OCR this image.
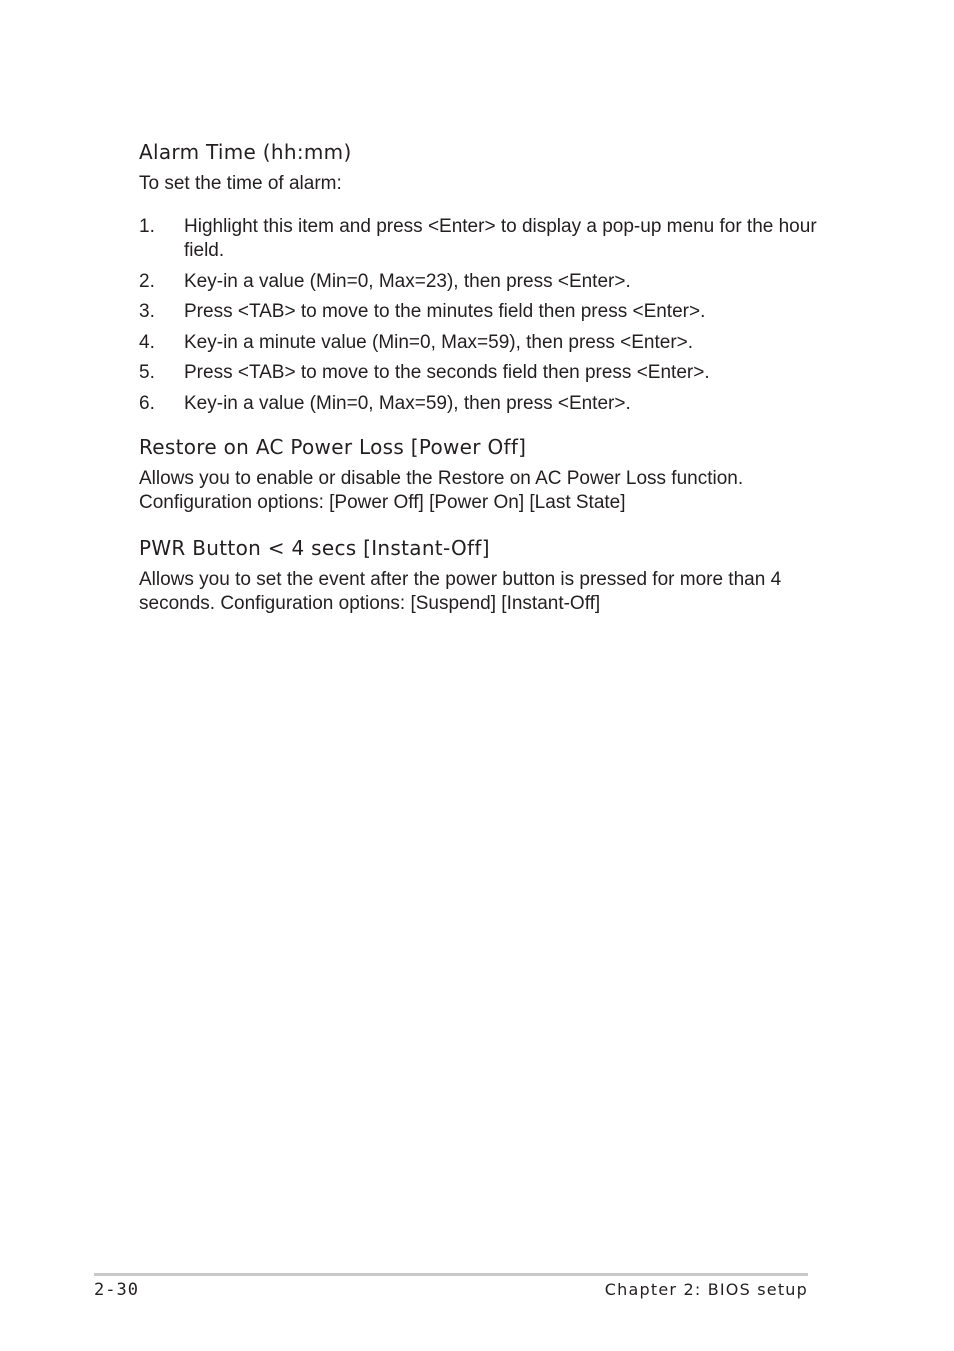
Alarm Time (hh:mm)

To set the time of alarm:

1. Highlight this item and press <Enter> to display a pop-up menu for the hour field.
2. Key-in a value (Min=0, Max=23), then press <Enter>.
3. Press <TAB> to move to the minutes field then press <Enter>.
4. Key-in a minute value (Min=0, Max=59), then press <Enter>.
5. Press <TAB> to move to the seconds field then press <Enter>.
6. Key-in a value (Min=0, Max=59), then press <Enter>.
Restore on AC Power Loss [Power Off]

Allows you to enable or disable the Restore on AC Power Loss function. Configuration options: [Power Off] [Power On] [Last State]

PWR Button < 4 secs [Instant-Off]

Allows you to set the event after the power button is pressed for more than 4 seconds. Configuration options: [Suspend] [Instant-Off]

2-30	Chapter 2: BIOS setup
